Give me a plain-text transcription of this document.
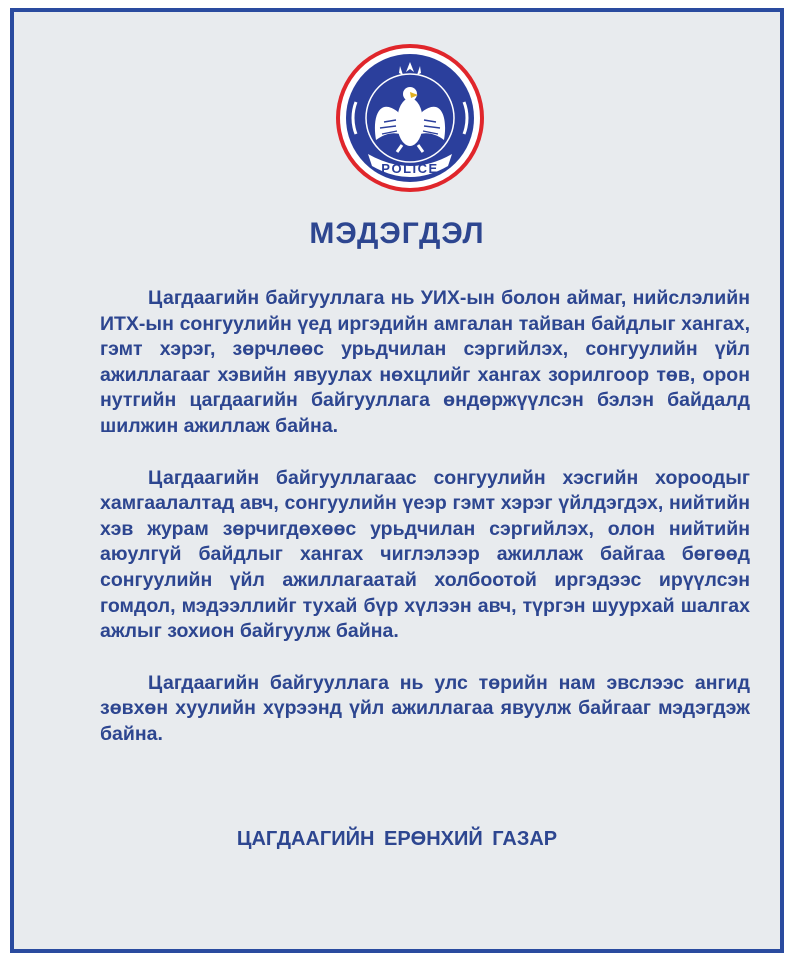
POLICE
МЭДЭГДЭЛ

Цагдаагийн байгууллага нь УИХ-ын болон аймаг, нийслэлийн ИТХ-ын сонгуулийн үед иргэдийн амгалан тайван байдлыг хангах, гэмт хэрэг, зөрчлөөс урьдчилан сэргийлэх, сонгуулийн үйл ажиллагааг хэвийн явуулах нөхцлийг хангах зорилгоор төв, орон нутгийн цагдаагийн байгууллага өндөржүүлсэн бэлэн байдалд шилжин ажиллаж байна.

Цагдаагийн байгууллагаас сонгуулийн хэсгийн хороодыг хамгаалалтад авч, сонгуулийн үеэр гэмт хэрэг үйлдэгдэх, нийтийн хэв журам зөрчигдөхөөс урьдчилан сэргийлэх, олон нийтийн аюулгүй байдлыг хангах чиглэлээр ажиллаж байгаа бөгөөд сонгуулийн үйл ажиллагаатай холбоотой иргэдээс ирүүлсэн гомдол, мэдээллийг тухай бүр хүлээн авч, түргэн шуурхай шалгах ажлыг зохион байгуулж байна.

Цагдаагийн байгууллага нь улс төрийн нам эвслээс ангид зөвхөн хуулийн хүрээнд үйл ажиллагаа явуулж байгааг мэдэгдэж байна.

ЦАГДААГИЙН ЕРӨНХИЙ ГАЗАР
